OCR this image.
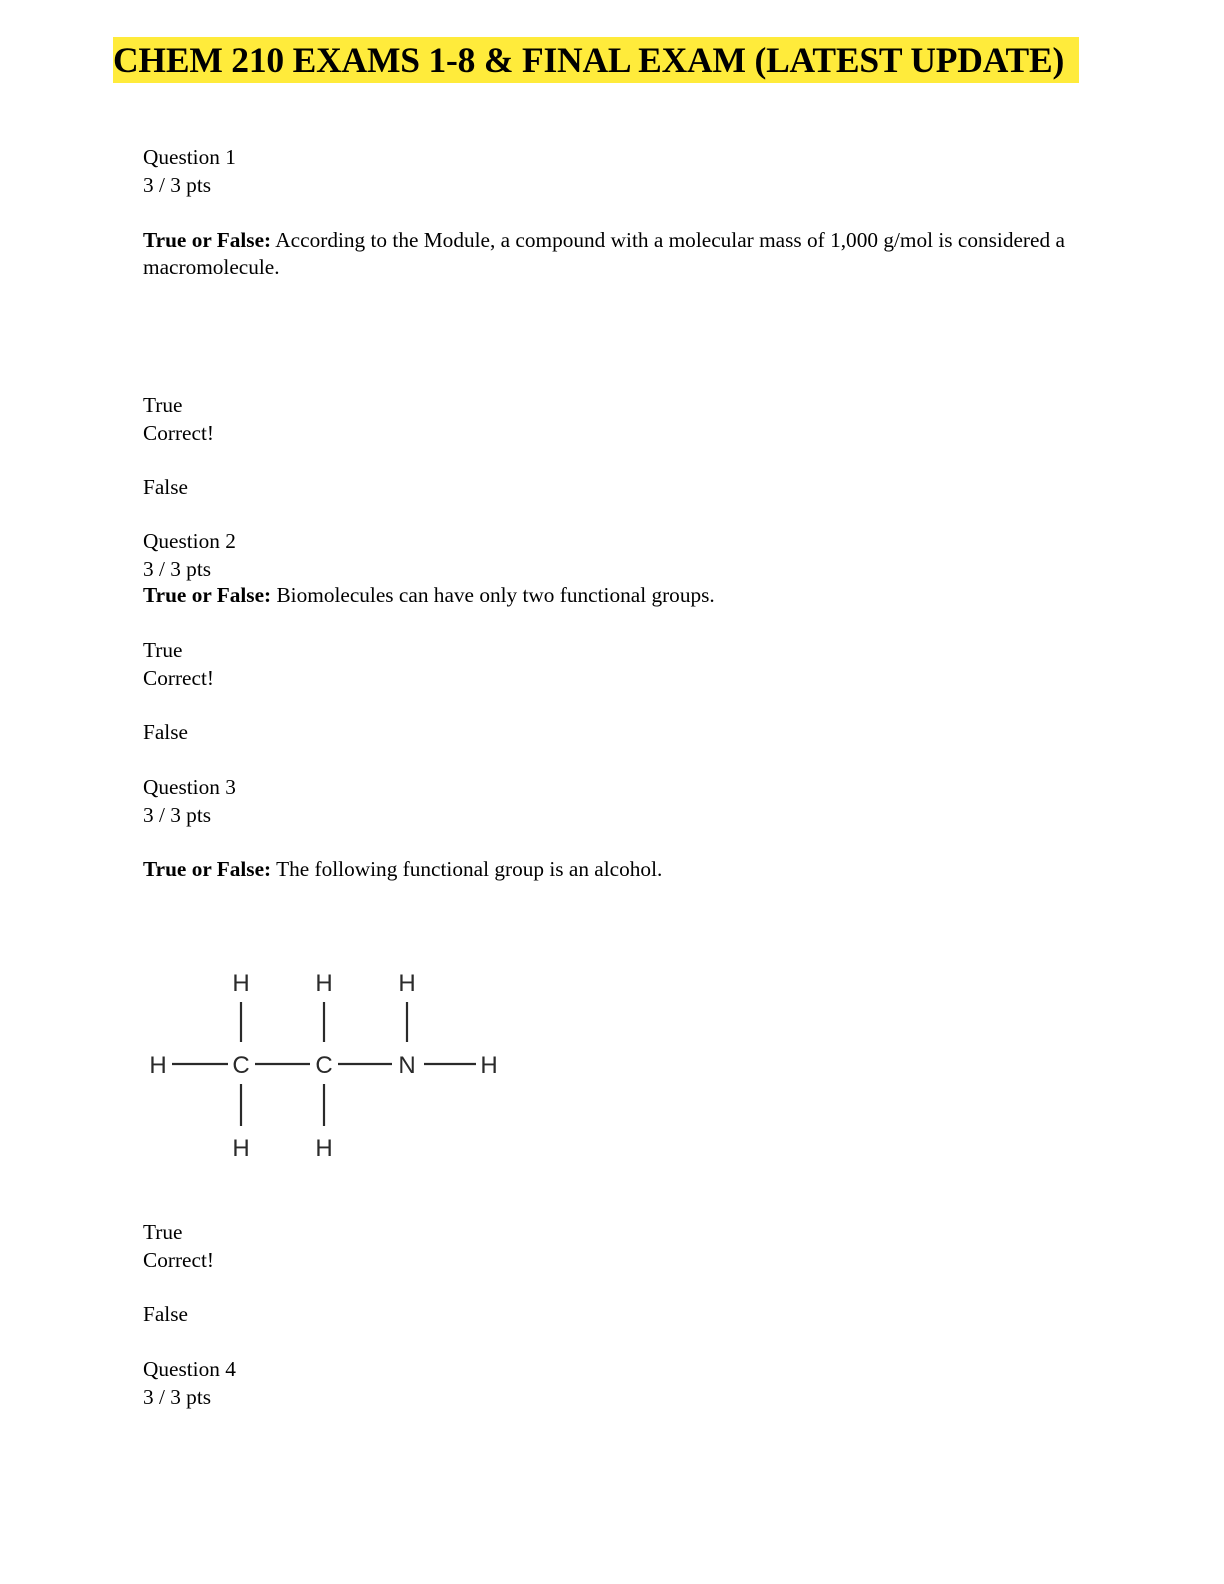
CHEM 210 EXAMS 1-8 & FINAL EXAM (LATEST UPDATE)
Question 1
3 / 3 pts
True or False: According to the Module, a compound with a molecular mass of 1,000 g/mol is considered a macromolecule.
True
Correct!
False
Question 2
3 / 3 pts
True or False: Biomolecules can have only two functional groups.
True
Correct!
False
Question 3
3 / 3 pts
True or False: The following functional group is an alcohol.
H	H	H
H	C	C	N	H
H	H
True
Correct!
False
Question 4
3 / 3 pts
